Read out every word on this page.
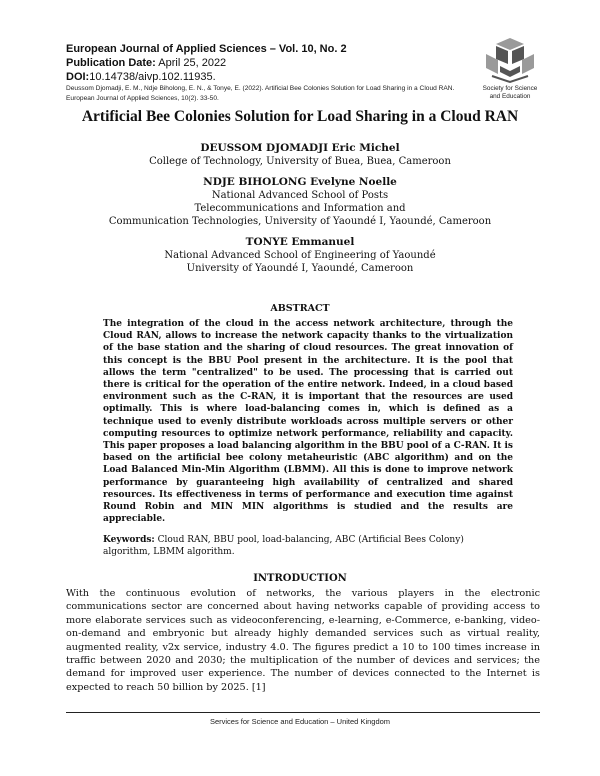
European Journal of Applied Sciences – Vol. 10, No. 2
Publication Date: April 25, 2022
DOI:10.14738/aivp.102.11935.
Deussom Djomadji, E. M., Ndje Biholong, E. N., & Tonye, E. (2022). Artificial Bee Colonies Solution for Load Sharing in a Cloud RAN.
European Journal of Applied Sciences, 10(2). 33-50.
Society for Science
and Education
Artificial Bee Colonies Solution for Load Sharing in a Cloud RAN
DEUSSOM DJOMADJI Eric Michel
College of Technology, University of Buea, Buea, Cameroon
NDJE BIHOLONG Evelyne Noelle
National Advanced School of Posts
Telecommunications and Information and
Communication Technologies, University of Yaoundé I, Yaoundé, Cameroon
TONYE Emmanuel
National Advanced School of Engineering of Yaoundé
University of Yaoundé I, Yaoundé, Cameroon
ABSTRACT
The integration of the cloud in the access network architecture, through the Cloud RAN, allows to increase the network capacity thanks to the virtualization of the base station and the sharing of cloud resources. The great innovation of this concept is the BBU Pool present in the architecture. It is the pool that allows the term "centralized" to be used. The processing that is carried out there is critical for the operation of the entire network. Indeed, in a cloud based environment such as the C-RAN, it is important that the resources are used optimally. This is where load-balancing comes in, which is defined as a technique used to evenly distribute workloads across multiple servers or other computing resources to optimize network performance, reliability and capacity. This paper proposes a load balancing algorithm in the BBU pool of a C-RAN. It is based on the artificial bee colony metaheuristic (ABC algorithm) and on the Load Balanced Min-Min Algorithm (LBMM). All this is done to improve network performance by guaranteeing high availability of centralized and shared resources. Its effectiveness in terms of performance and execution time against Round Robin and MIN MIN algorithms is studied and the results are appreciable.
Keywords: Cloud RAN, BBU pool, load-balancing, ABC (Artificial Bees Colony) algorithm, LBMM algorithm.
INTRODUCTION
With the continuous evolution of networks, the various players in the electronic communications sector are concerned about having networks capable of providing access to more elaborate services such as videoconferencing, e-learning, e-Commerce, e-banking, video-on-demand and embryonic but already highly demanded services such as virtual reality, augmented reality, v2x service, industry 4.0. The figures predict a 10 to 100 times increase in traffic between 2020 and 2030; the multiplication of the number of devices and services; the demand for improved user experience. The number of devices connected to the Internet is expected to reach 50 billion by 2025. [1]
Services for Science and Education – United Kingdom
